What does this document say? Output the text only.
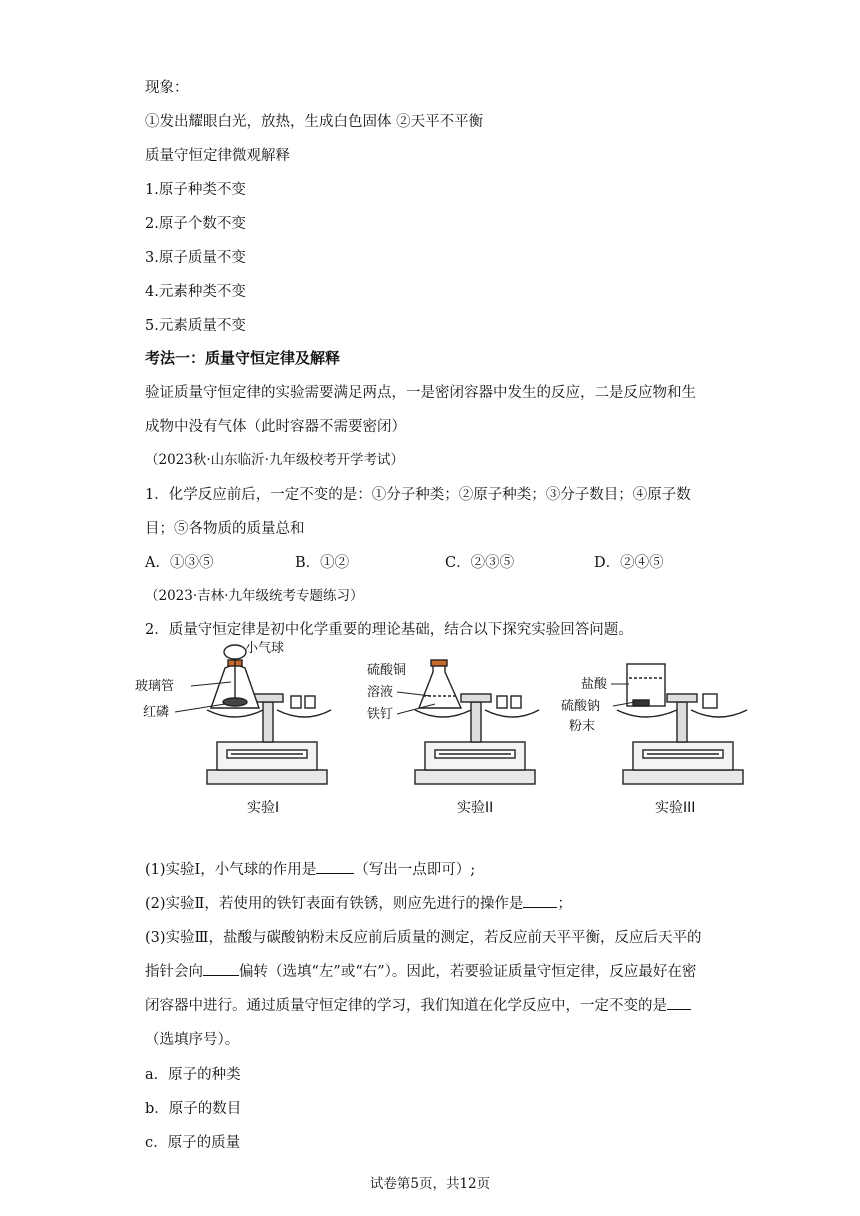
现象：
①发出耀眼白光，放热，生成白色固体 ②天平不平衡
质量守恒定律微观解释
1.原子种类不变
2.原子个数不变
3.原子质量不变
4.元素种类不变
5.元素质量不变
考法一：质量守恒定律及解释
验证质量守恒定律的实验需要满足两点，一是密闭容器中发生的反应，二是反应物和生
成物中没有气体（此时容器不需要密闭）
（2023秋·山东临沂·九年级校考开学考试）
1．化学反应前后，一定不变的是：①分子种类；②原子种类；③分子数目；④原子数
目；⑤各物质的质量总和
A．①③⑤	B．①②	C．②③⑤	D．②④⑤
（2023·吉林·九年级统考专题练习）
2．质量守恒定律是初中化学重要的理论基础，结合以下探究实验回答问题。
小气球
玻璃管
红磷
实验I
硫酸铜
溶液
铁钉
实验II
盐酸
硫酸钠
粉末
实验III
(1)实验Ⅰ，小气球的作用是	（写出一点即可）;
(2)实验Ⅱ，若使用的铁钉表面有铁锈，则应先进行的操作是 ；
(3)实验Ⅲ，盐酸与碳酸钠粉末反应前后质量的测定，若反应前天平平衡，反应后天平的
指针会向 偏转（选填“左”或“右”）。因此，若要验证质量守恒定律，反应最好在密
闭容器中进行。通过质量守恒定律的学习，我们知道在化学反应中，一定不变的是
（选填序号）。
a．原子的种类
b．原子的数目
c．原子的质量
试卷第5页，共12页
